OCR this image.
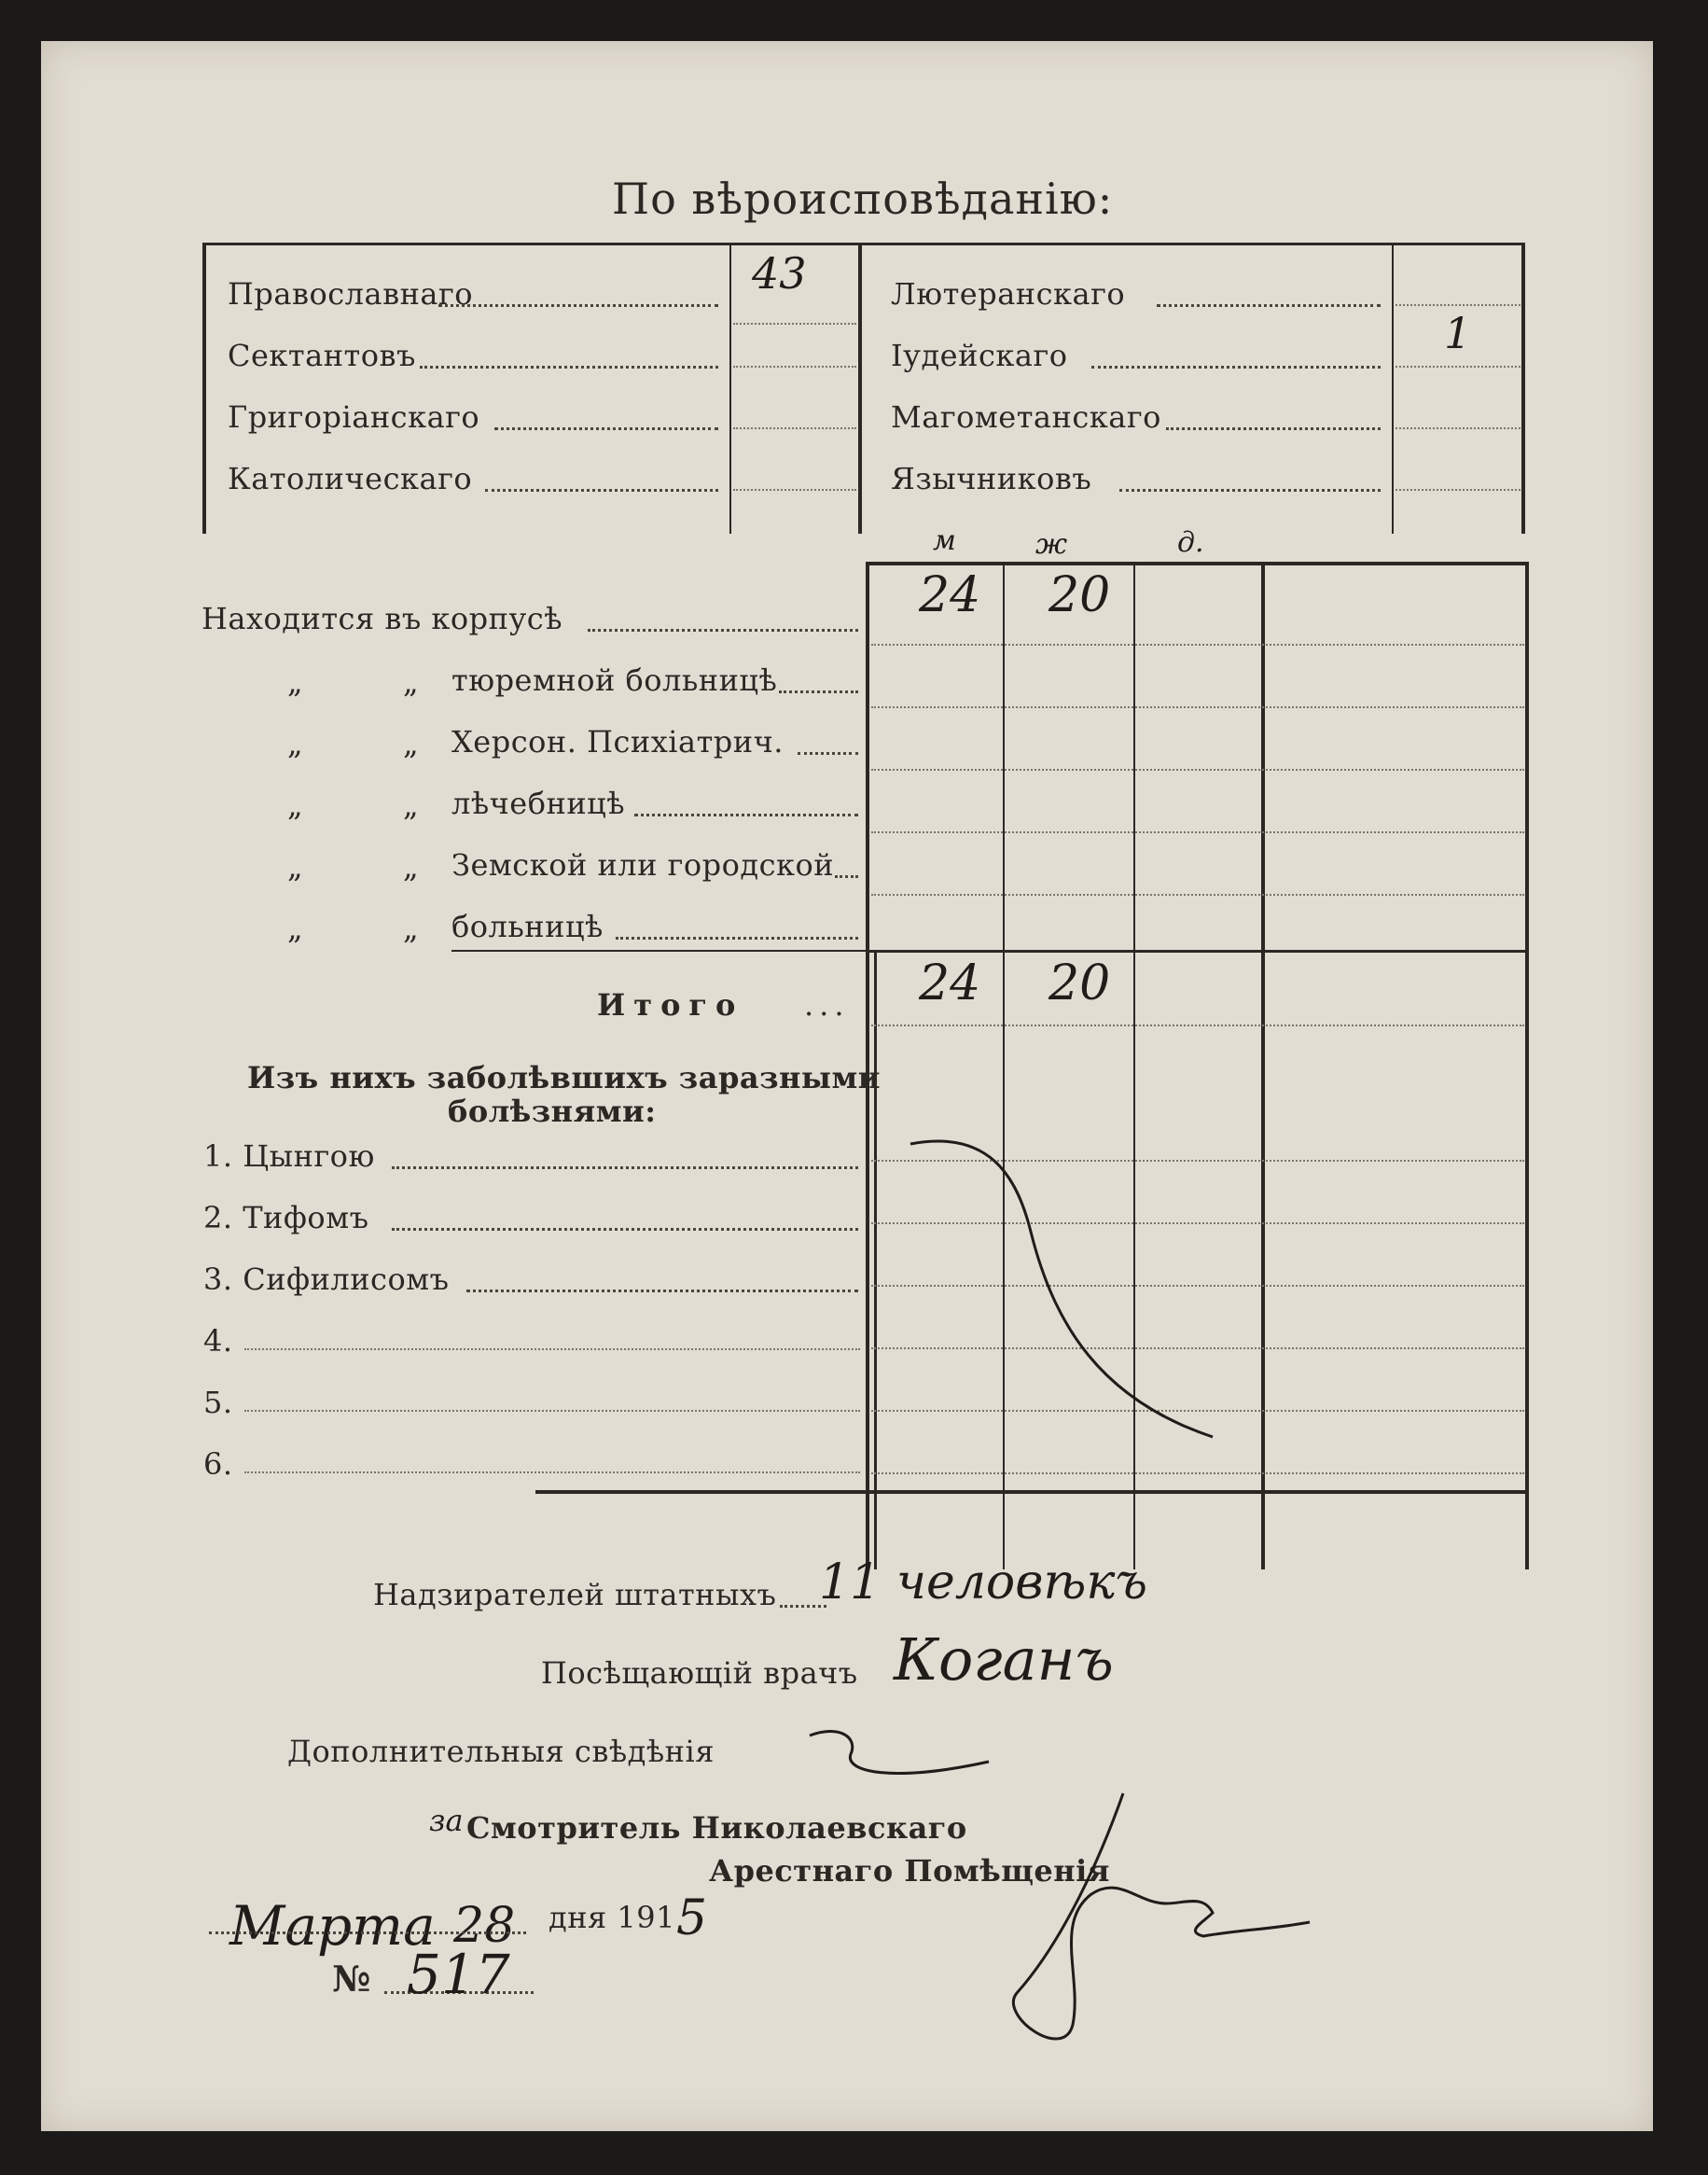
По вѣроисповѣданію:
Православнаго	43
Сектантовъ
Григоріанскаго
Католическаго
Лютеранскаго
Іудейскаго	1
Магометанскаго
Язычниковъ
м	ж	д.
Находится въ корпусѣ	24 20
„	„ тюремной больницѣ
„	„ Херсон. Психіатрич.
„	„ лѣчебницѣ
„	„ Земской или городской
„	„ больницѣ
Итого ... 24 20
Изъ нихъ заболѣвшихъ заразными
болѣзнями:
1. Цынгою
2. Тифомъ
3. Сифилисомъ
4.
5.
6.
Надзирателей штатныхъ 11 человѣкъ
Посѣщающій врачъ Коганъ
Дополнительныя свѣдѣнія
за Смотритель Николаевскаго
Арестнаго Помѣщенія
Марта 28 дня 191 5
№ 517
